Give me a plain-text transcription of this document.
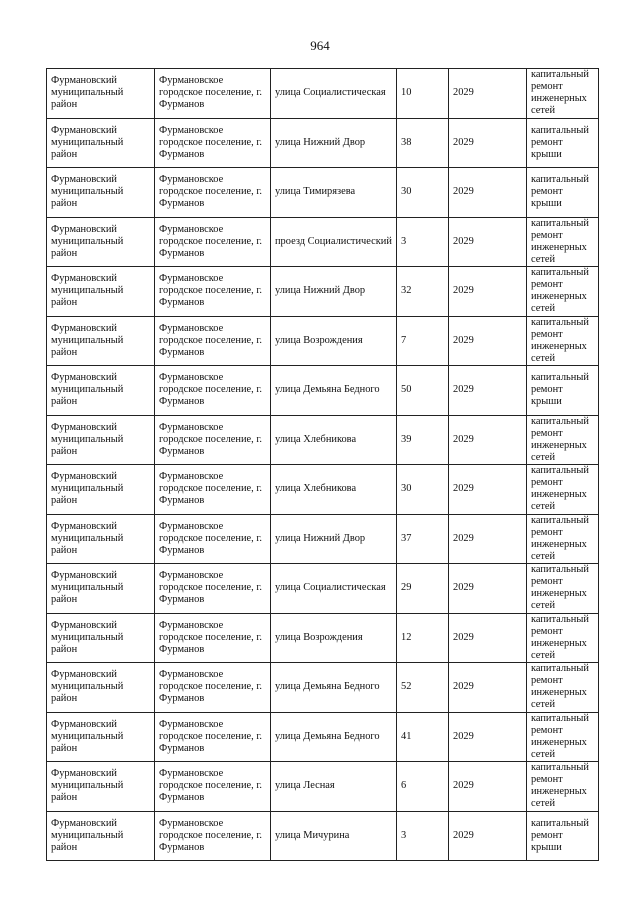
964
Фурмановский муниципальный район	Фурмановское городское поселение, г. Фурманов	улица Социалистическая	10	2029	капитальный ремонт инженерных сетей
Фурмановский муниципальный район	Фурмановское городское поселение, г. Фурманов	улица Нижний Двор	38	2029	капитальный ремонт крыши
Фурмановский муниципальный район	Фурмановское городское поселение, г. Фурманов	улица Тимирязева	30	2029	капитальный ремонт крыши
Фурмановский муниципальный район	Фурмановское городское поселение, г. Фурманов	проезд Социалистический	3	2029	капитальный ремонт инженерных сетей
Фурмановский муниципальный район	Фурмановское городское поселение, г. Фурманов	улица Нижний Двор	32	2029	капитальный ремонт инженерных сетей
Фурмановский муниципальный район	Фурмановское городское поселение, г. Фурманов	улица Возрождения	7	2029	капитальный ремонт инженерных сетей
Фурмановский муниципальный район	Фурмановское городское поселение, г. Фурманов	улица Демьяна Бедного	50	2029	капитальный ремонт крыши
Фурмановский муниципальный район	Фурмановское городское поселение, г. Фурманов	улица Хлебникова	39	2029	капитальный ремонт инженерных сетей
Фурмановский муниципальный район	Фурмановское городское поселение, г. Фурманов	улица Хлебникова	30	2029	капитальный ремонт инженерных сетей
Фурмановский муниципальный район	Фурмановское городское поселение, г. Фурманов	улица Нижний Двор	37	2029	капитальный ремонт инженерных сетей
Фурмановский муниципальный район	Фурмановское городское поселение, г. Фурманов	улица Социалистическая	29	2029	капитальный ремонт инженерных сетей
Фурмановский муниципальный район	Фурмановское городское поселение, г. Фурманов	улица Возрождения	12	2029	капитальный ремонт инженерных сетей
Фурмановский муниципальный район	Фурмановское городское поселение, г. Фурманов	улица Демьяна Бедного	52	2029	капитальный ремонт инженерных сетей
Фурмановский муниципальный район	Фурмановское городское поселение, г. Фурманов	улица Демьяна Бедного	41	2029	капитальный ремонт инженерных сетей
Фурмановский муниципальный район	Фурмановское городское поселение, г. Фурманов	улица Лесная	6	2029	капитальный ремонт инженерных сетей
Фурмановский муниципальный район	Фурмановское городское поселение, г. Фурманов	улица Мичурина	3	2029	капитальный ремонт крыши
